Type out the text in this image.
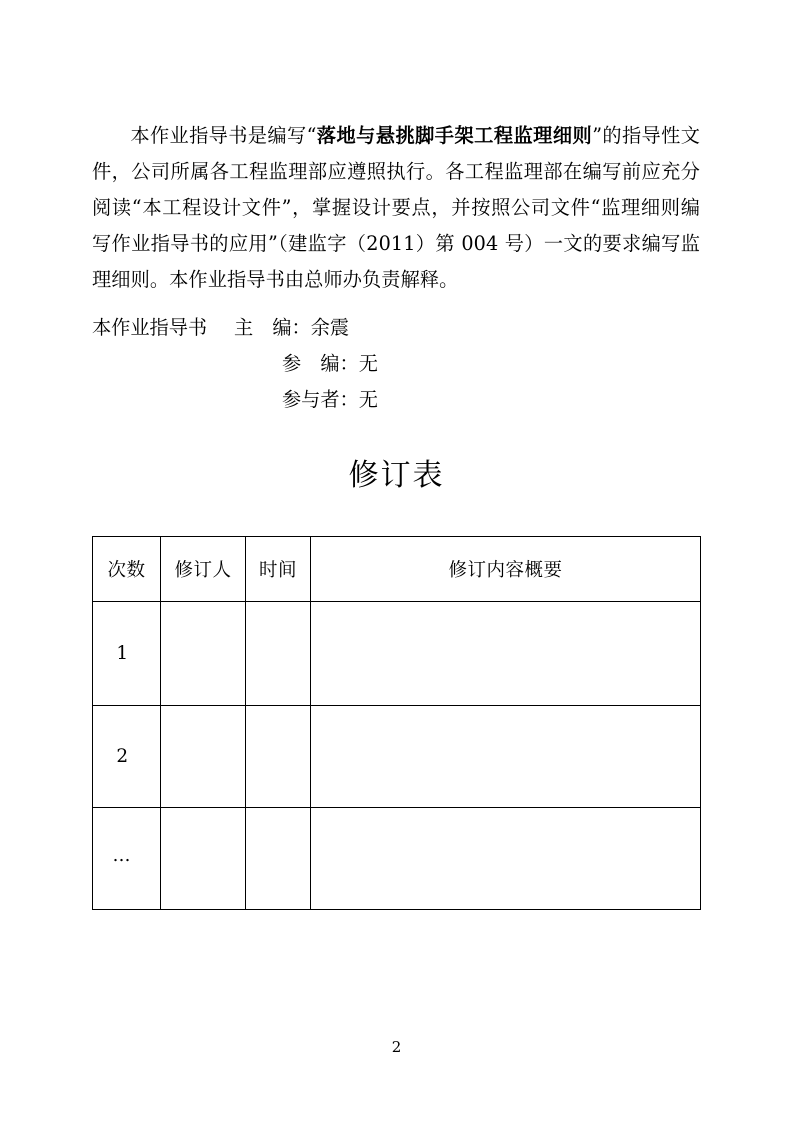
本作业指导书是编写“落地与悬挑脚手架工程监理细则”的指导性文件，公司所属各工程监理部应遵照执行。各工程监理部在编写前应充分阅读“本工程设计文件”，掌握设计要点，并按照公司文件“监理细则编写作业指导书的应用”（建监字（2011）第 004 号）一文的要求编写监理细则。本作业指导书由总师办负责解释。

本作业指导书 主　编：余震
参　编：无
参与者：无
修订表
次数	修订人	时间	修订内容概要

1			

2			

…			

2
